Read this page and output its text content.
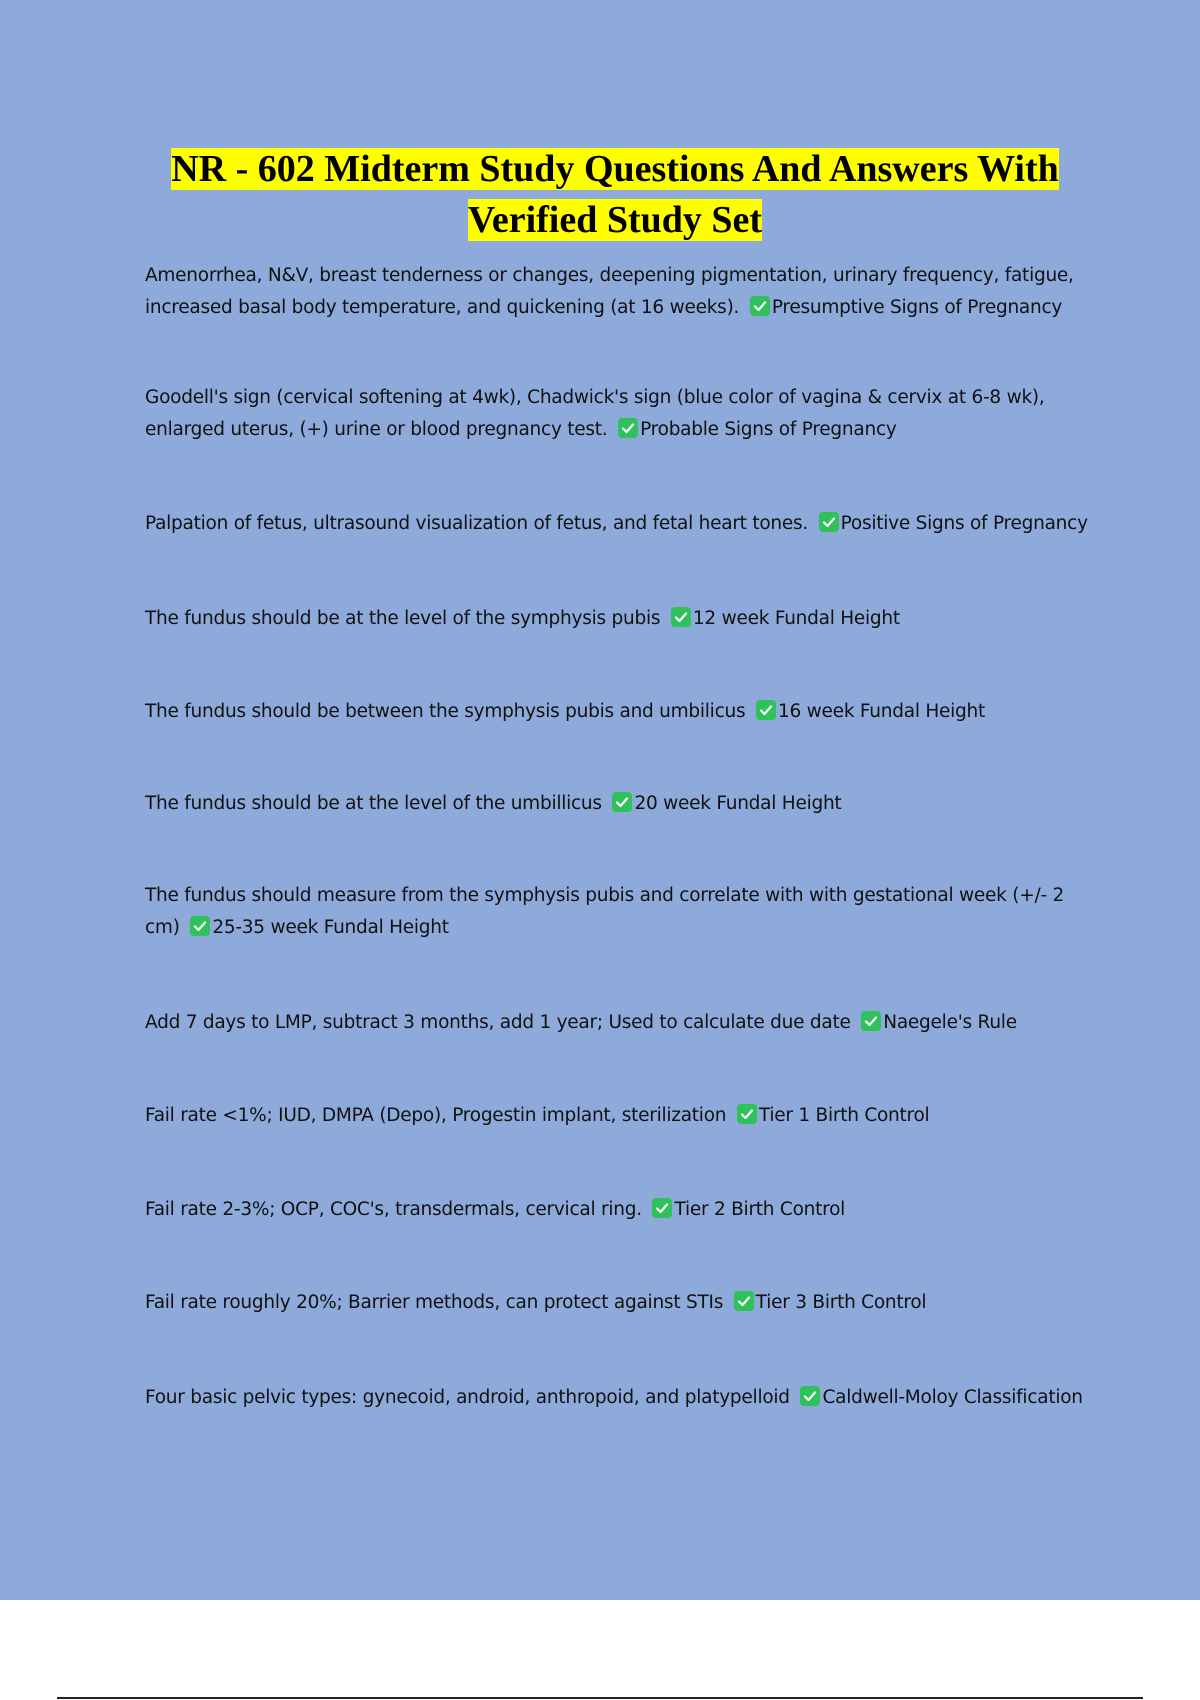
NR - 602 Midterm Study Questions And Answers With
Verified Study Set

Amenorrhea, N&V, breast tenderness or changes, deepening pigmentation, urinary frequency, fatigue, increased basal body temperature, and quickening (at 16 weeks). Presumptive Signs of Pregnancy

Goodell's sign (cervical softening at 4wk), Chadwick's sign (blue color of vagina & cervix at 6-8 wk), enlarged uterus, (+) urine or blood pregnancy test. Probable Signs of Pregnancy

Palpation of fetus, ultrasound visualization of fetus, and fetal heart tones. Positive Signs of Pregnancy

The fundus should be at the level of the symphysis pubis 12 week Fundal Height

The fundus should be between the symphysis pubis and umbilicus 16 week Fundal Height

The fundus should be at the level of the umbillicus 20 week Fundal Height

The fundus should measure from the symphysis pubis and correlate with with gestational week (+/- 2 cm) 25-35 week Fundal Height

Add 7 days to LMP, subtract 3 months, add 1 year; Used to calculate due date Naegele's Rule

Fail rate <1%; IUD, DMPA (Depo), Progestin implant, sterilization Tier 1 Birth Control

Fail rate 2-3%; OCP, COC's, transdermals, cervical ring. Tier 2 Birth Control

Fail rate roughly 20%; Barrier methods, can protect against STIs Tier 3 Birth Control

Four basic pelvic types: gynecoid, android, anthropoid, and platypelloid Caldwell-Moloy Classification
